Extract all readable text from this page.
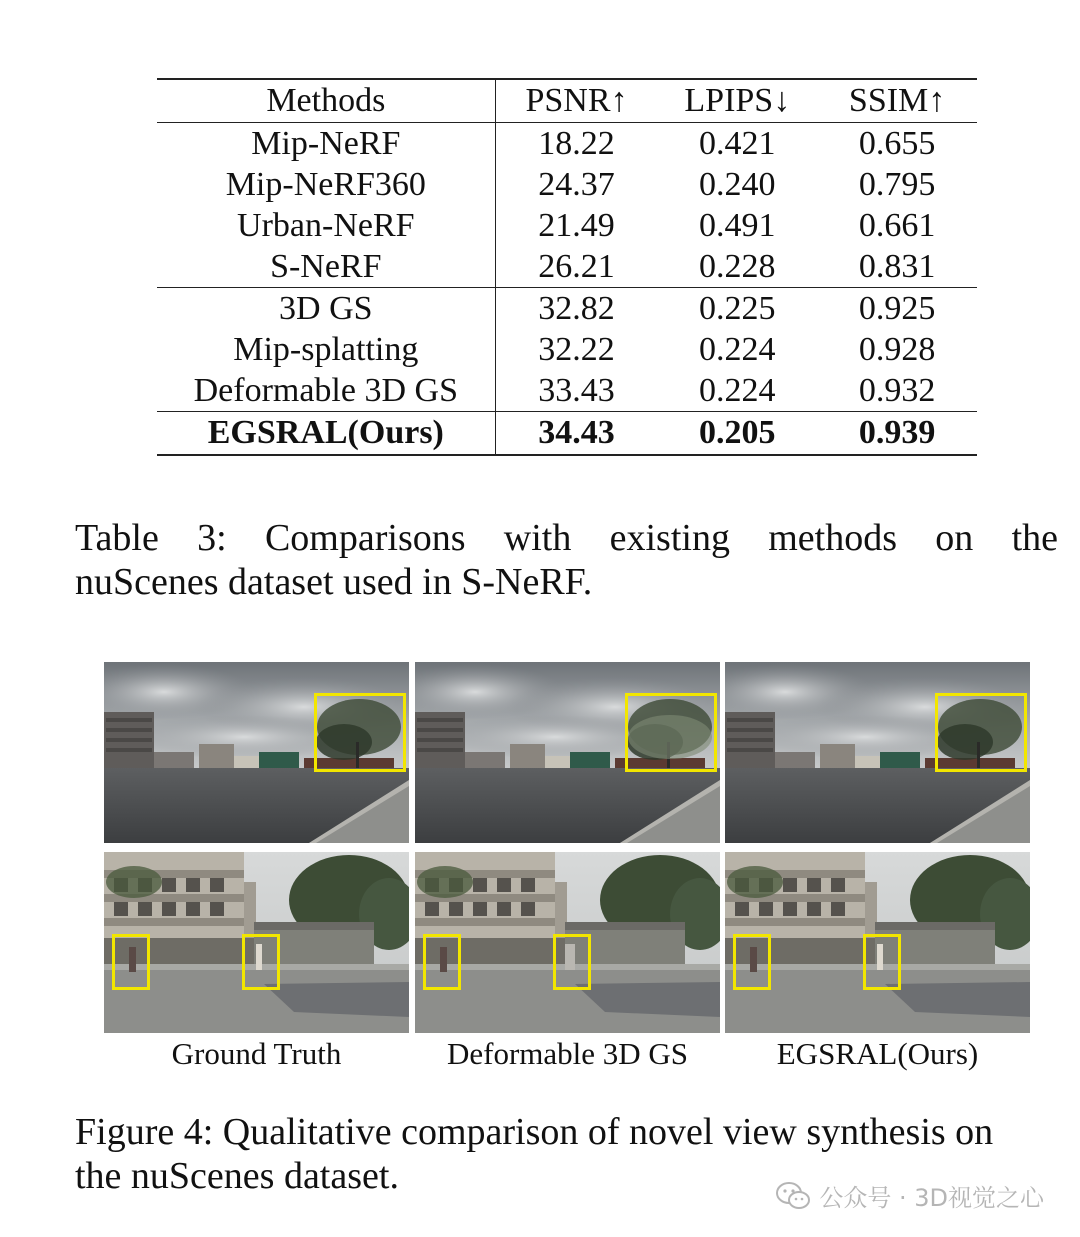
Methods	PSNR↑	LPIPS↓	SSIM↑
Mip-NeRF	18.22	0.421	0.655
Mip-NeRF360	24.37	0.240	0.795
Urban-NeRF	21.49	0.491	0.661
S-NeRF	26.21	0.228	0.831
3D GS	32.82	0.225	0.925
Mip-splatting	32.22	0.224	0.928
Deformable 3D GS	33.43	0.224	0.932
EGSRAL(Ours)	34.43	0.205	0.939
Table 3: Comparisons with existing methods on the
nuScenes dataset used in S-NeRF.
Ground Truth	Deformable 3D GS	EGSRAL(Ours)
Figure 4: Qualitative comparison of novel view synthesis on
the nuScenes dataset.
公众号 · 3D视觉之心
